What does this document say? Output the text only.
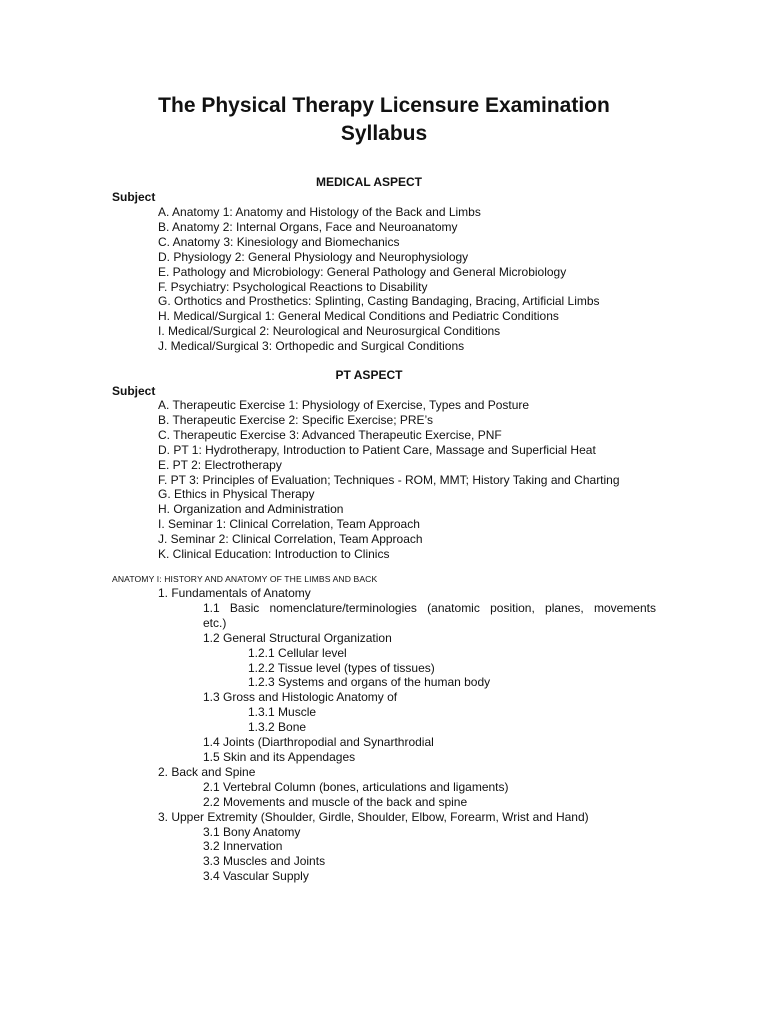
The Physical Therapy Licensure Examination
Syllabus
MEDICAL ASPECT
Subject
A. Anatomy 1: Anatomy and Histology of the Back and Limbs
B. Anatomy 2: Internal Organs, Face and Neuroanatomy
C. Anatomy 3: Kinesiology and Biomechanics
D. Physiology 2: General Physiology and Neurophysiology
E. Pathology and Microbiology: General Pathology and General Microbiology
F. Psychiatry: Psychological Reactions to Disability
G. Orthotics and Prosthetics: Splinting, Casting Bandaging, Bracing, Artificial Limbs
H. Medical/Surgical 1: General Medical Conditions and Pediatric Conditions
I. Medical/Surgical 2: Neurological and Neurosurgical Conditions
J. Medical/Surgical 3: Orthopedic and Surgical Conditions
PT ASPECT
Subject
A. Therapeutic Exercise 1: Physiology of Exercise, Types and Posture
B. Therapeutic Exercise 2: Specific Exercise; PRE’s
C. Therapeutic Exercise 3: Advanced Therapeutic Exercise, PNF
D. PT 1: Hydrotherapy, Introduction to Patient Care, Massage and Superficial Heat
E. PT 2: Electrotherapy
F. PT 3: Principles of Evaluation; Techniques - ROM, MMT; History Taking and Charting
G. Ethics in Physical Therapy
H. Organization and Administration
I. Seminar 1: Clinical Correlation, Team Approach
J. Seminar 2: Clinical Correlation, Team Approach
K. Clinical Education: Introduction to Clinics
ANATOMY I: HISTORY AND ANATOMY OF THE LIMBS AND BACK
1. Fundamentals of Anatomy
1.1 Basic nomenclature/terminologies (anatomic position, planes, movements
etc.)
1.2 General Structural Organization
1.2.1 Cellular level
1.2.2 Tissue level (types of tissues)
1.2.3 Systems and organs of the human body
1.3 Gross and Histologic Anatomy of
1.3.1 Muscle
1.3.2 Bone
1.4 Joints (Diarthropodial and Synarthrodial
1.5 Skin and its Appendages
2. Back and Spine
2.1 Vertebral Column (bones, articulations and ligaments)
2.2 Movements and muscle of the back and spine
3. Upper Extremity (Shoulder, Girdle, Shoulder, Elbow, Forearm, Wrist and Hand)
3.1 Bony Anatomy
3.2 Innervation
3.3 Muscles and Joints
3.4 Vascular Supply
